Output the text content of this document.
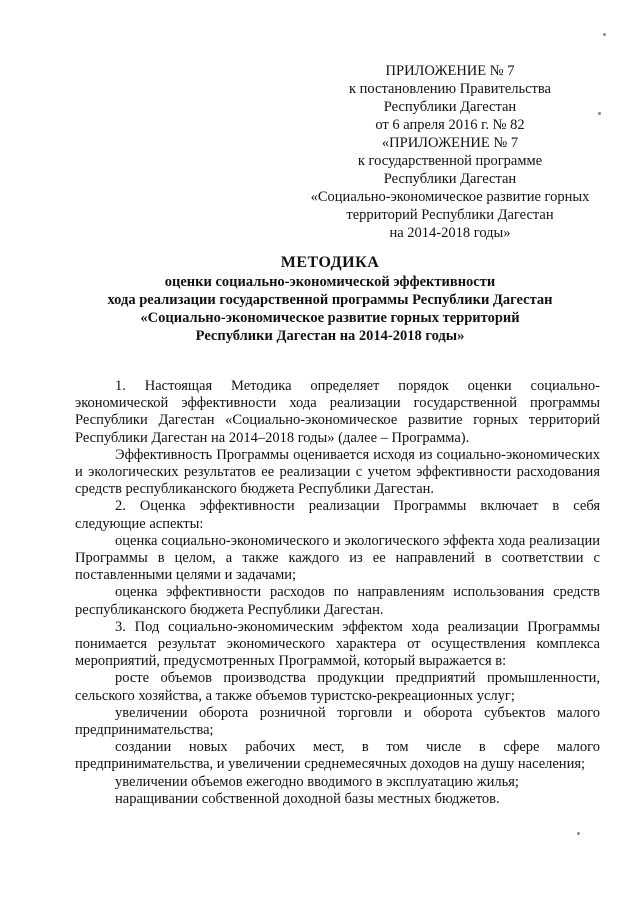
ПРИЛОЖЕНИЕ № 7
к постановлению Правительства
Республики Дагестан
от 6 апреля 2016 г. № 82
«ПРИЛОЖЕНИЕ № 7
к государственной программе
Республики Дагестан
«Социально-экономическое развитие горных
территорий Республики Дагестан
на 2014-2018 годы»
МЕТОДИКА
оценки социально-экономической эффективности
хода реализации государственной программы Республики Дагестан
«Социально-экономическое развитие горных территорий
Республики Дагестан на 2014-2018 годы»

1. Настоящая Методика определяет порядок оценки социально-экономической эффективности хода реализации государственной программы Республики Дагестан «Социально-экономическое развитие горных территорий Республики Дагестан на 2014–2018 годы» (далее – Программа).

Эффективность Программы оценивается исходя из социально-экономических и экологических результатов ее реализации с учетом эффективности расходования средств республиканского бюджета Республики Дагестан.

2. Оценка эффективности реализации Программы включает в себя следующие аспекты:

оценка социально-экономического и экологического эффекта хода реализации Программы в целом, а также каждого из ее направлений в соответствии с поставленными целями и задачами;

оценка эффективности расходов по направлениям использования средств республиканского бюджета Республики Дагестан.

3. Под социально-экономическим эффектом хода реализации Программы понимается результат экономического характера от осуществления комплекса мероприятий, предусмотренных Программой, который выражается в:

росте объемов производства продукции предприятий промышленности, сельского хозяйства, а также объемов туристско-рекреационных услуг;

увеличении оборота розничной торговли и оборота субъектов малого предпринимательства;

создании новых рабочих мест, в том числе в сфере малого предпринимательства, и увеличении среднемесячных доходов на душу населения;

увеличении объемов ежегодно вводимого в эксплуатацию жилья;

наращивании собственной доходной базы местных бюджетов.
